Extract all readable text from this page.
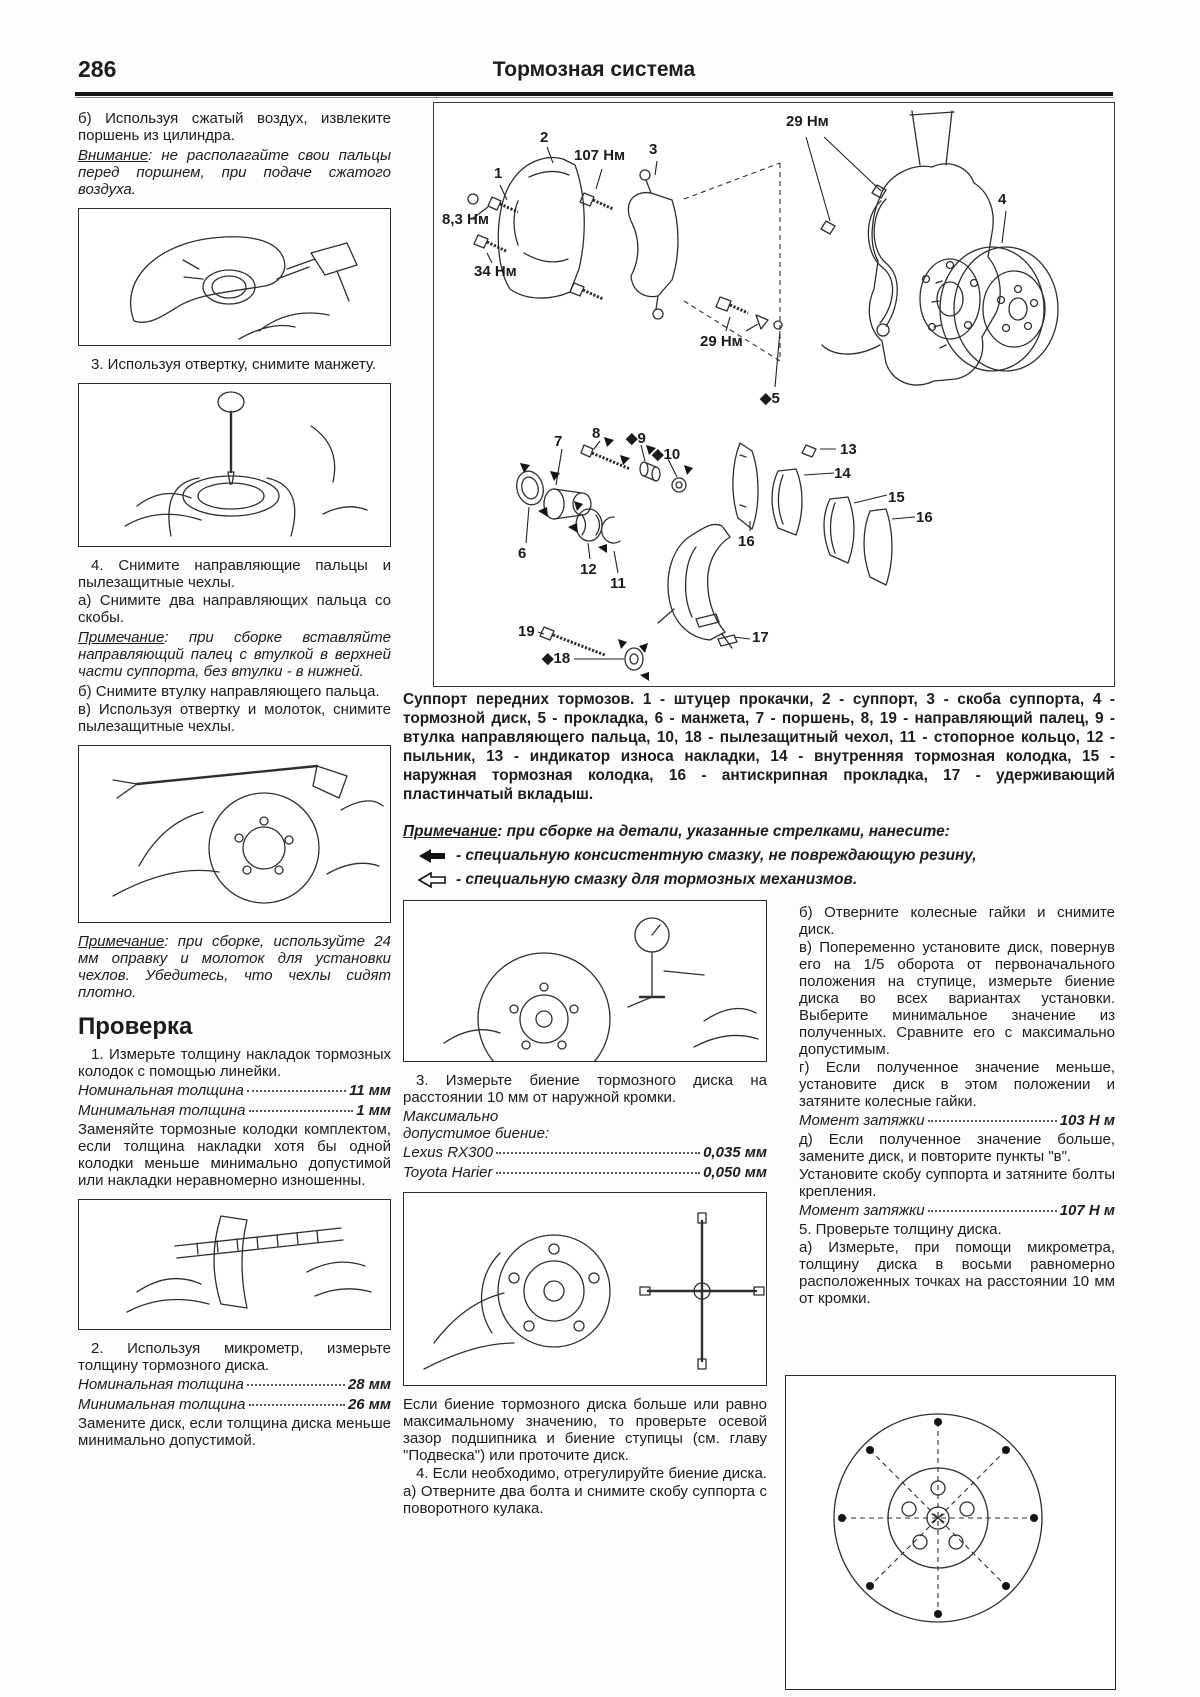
286	Тормозная система

б) Используя сжатый воздух, извлеките поршень из цилиндра.

Внимание: не располагайте свои пальцы перед поршнем, при подаче сжатого воздуха.

3. Используя отвертку, снимите манжету.

4. Снимите направляющие пальцы и пылезащитные чехлы.

а) Снимите два направляющих пальца со скобы.

Примечание: при сборке вставляйте направляющий палец с втулкой в верхней части суппорта, без втулки - в нижней.

б) Снимите втулку направляющего пальца.

в) Используя отвертку и молоток, снимите пылезащитные чехлы.

Примечание: при сборке, используйте 24 мм оправку и молоток для установки чехлов. Убедитесь, что чехлы сидят плотно.

Проверка

1. Измерьте толщину накладок тормозных колодок с помощью линейки.

Номинальная толщина	11 мм
Минимальная толщина	1 мм

Заменяйте тормозные колодки комплектом, если толщина накладки хотя бы одной колодки меньше минимально допустимой или накладки неравномерно изношенны.

2. Используя микрометр, измерьте толщину тормозного диска.

Номинальная толщина	28 мм
Минимальная толщина	26 мм

Замените диск, если толщина диска меньше минимально допустимой.

1
2
107 Нм 3
29 Нм
4
8,3 Нм
34 Нм
29 Нм
◆5
7 8 ◆9
◆10
6
12
11
16
13
14
15
16
17
19
◆18
Суппорт передних тормозов. 1 - штуцер прокачки, 2 - суппорт, 3 - скоба суппорта, 4 - тормозной диск, 5 - прокладка, 6 - манжета, 7 - поршень, 8, 19 - направляющий палец, 9 - втулка направляющего пальца, 10, 18 - пылезащитный чехол, 11 - стопорное кольцо, 12 - пыльник, 13 - индикатор износа накладки, 14 - внутренняя тормозная колодка, 15 - наружная тормозная колодка, 16 - антискрипная прокладка, 17 - удерживающий пластинчатый вкладыш.

Примечание: при сборке на детали, указанные стрелками, нанесите:

- специальную консистентную смазку, не повреждающую резину,
- специальную смазку для тормозных механизмов.

3. Измерьте биение тормозного диска на расстоянии 10 мм от наружной кромки.

Максимально

допустимое биение:

Lexus RX300	0,035 мм
Toyota Harier	0,050 мм

Если биение тормозного диска больше или равно максимальному значению, то проверьте осевой зазор подшипника и биение ступицы (см. главу "Подвеска") или проточите диск.

4. Если необходимо, отрегулируйте биение диска.

а) Отверните два болта и снимите скобу суппорта с поворотного кулака.

б) Отверните колесные гайки и снимите диск.

в) Попеременно установите диск, повернув его на 1/5 оборота от первоначального положения на ступице, измерьте биение диска во всех вариантах установки. Выберите минимальное значение из полученных. Сравните его с максимально допустимым.

г) Если полученное значение меньше, установите диск в этом положении и затяните колесные гайки.

Момент затяжки	103 Н м

д) Если полученное значение больше, замените диск, и повторите пункты "в".

Установите скобу суппорта и затяните болты крепления.

Момент затяжки	107 Н м

5. Проверьте толщину диска.

а) Измерьте, при помощи микрометра, толщину диска в восьми равномерно расположенных точках на расстоянии 10 мм от кромки.
